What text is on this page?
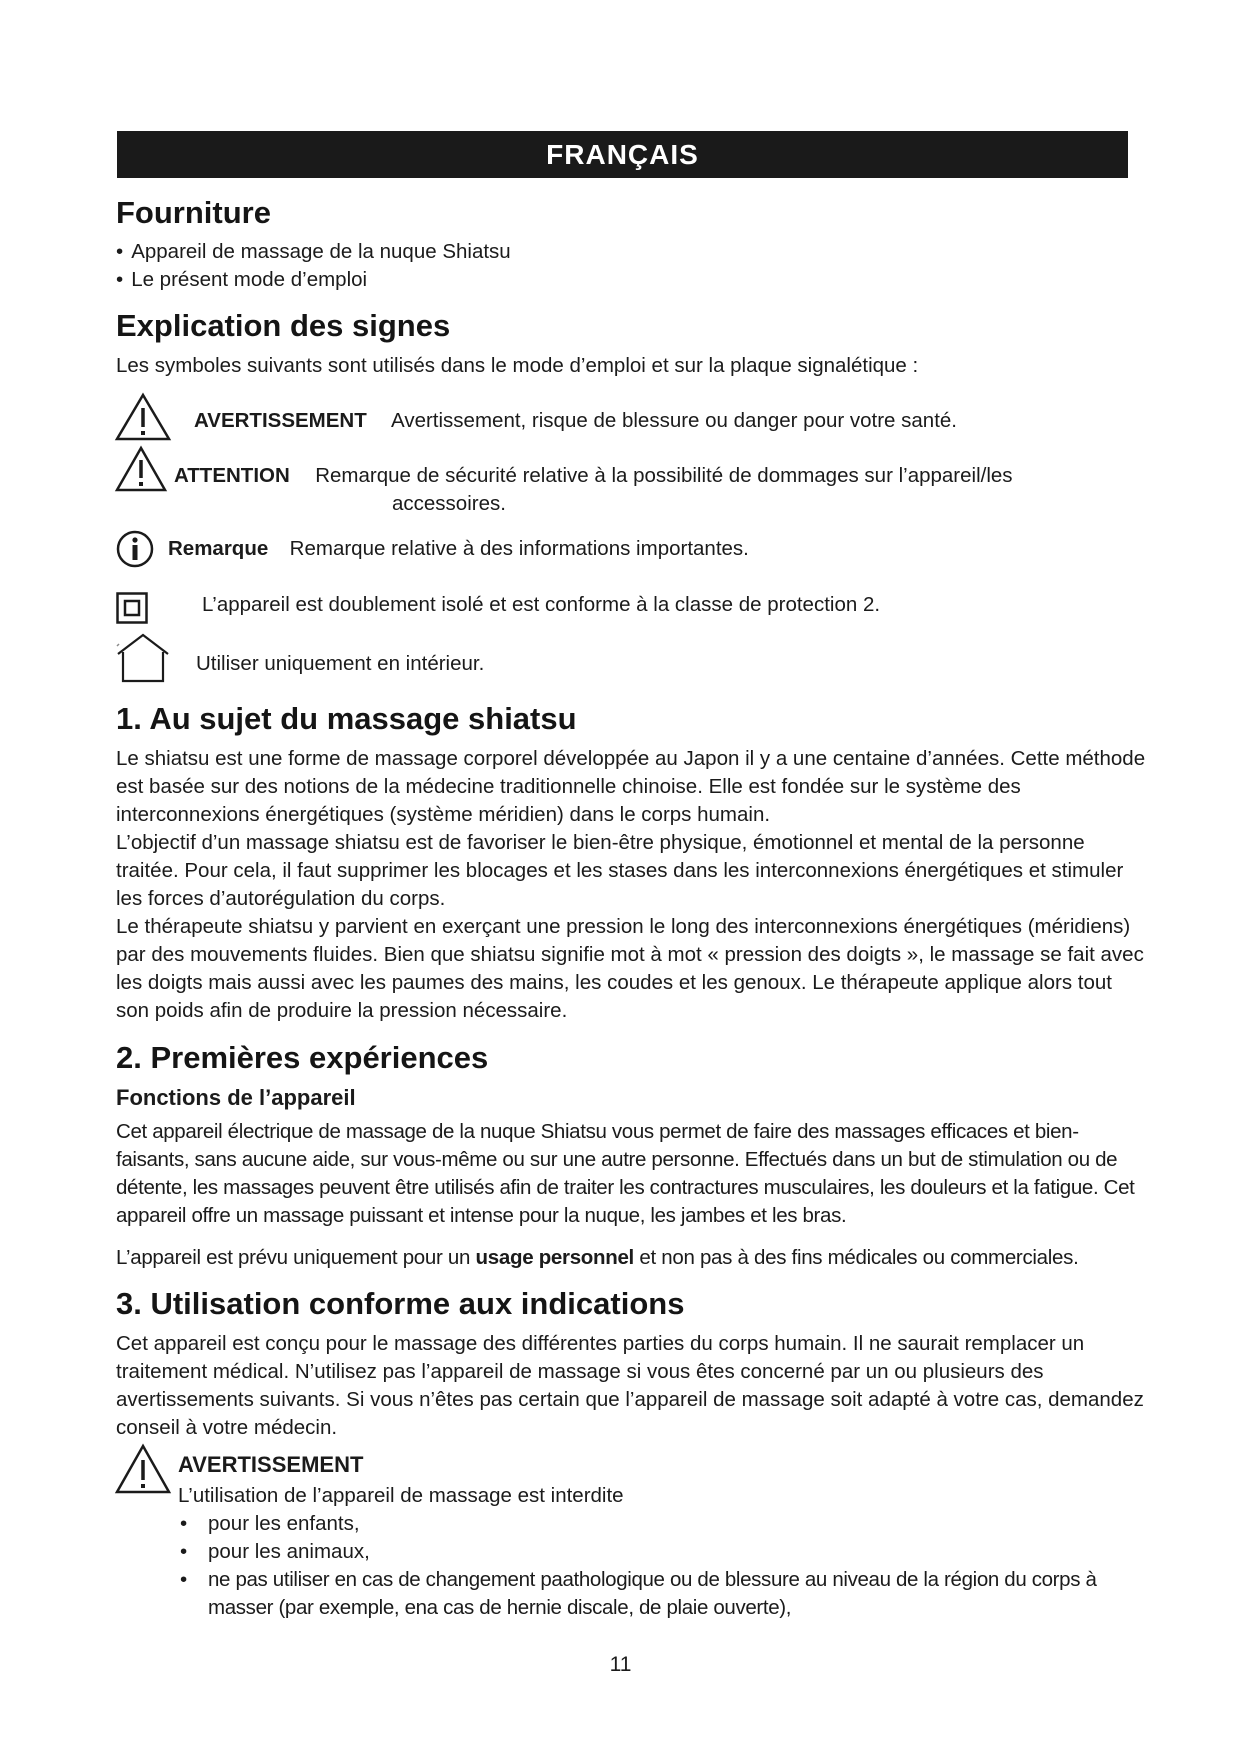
FRANÇAIS
Fourniture
• Appareil de massage de la nuque Shiatsu
• Le présent mode d’emploi
Explication des signes

Les symboles suivants sont utilisés dans le mode d’emploi et sur la plaque signalétique :

AVERTISSEMENT Avertissement, risque de blessure ou danger pour votre santé.
ATTENTION Remarque de sécurité relative à la possibilité de dommages sur l’appareil/les
accessoires.
Remarque Remarque relative à des informations importantes.
L’appareil est doublement isolé et est conforme à la classe de protection 2.
Utiliser uniquement en intérieur.
1. Au sujet du massage shiatsu

Le shiatsu est une forme de massage corporel développée au Japon il y a une centaine d’années. Cette méthode est basée sur des notions de la médecine traditionnelle chinoise. Elle est fondée sur le système des interconnexions énergétiques (système méridien) dans le corps humain.

L’objectif d’un massage shiatsu est de favoriser le bien-être physique, émotionnel et mental de la personne traitée. Pour cela, il faut supprimer les blocages et les stases dans les interconnexions énergétiques et stimuler les forces d’autorégulation du corps.

Le thérapeute shiatsu y parvient en exerçant une pression le long des interconnexions énergétiques (méridiens) par des mouvements fluides. Bien que shiatsu signifie mot à mot « pression des doigts », le massage se fait avec les doigts mais aussi avec les paumes des mains, les coudes et les genoux. Le thérapeute applique alors tout son poids afin de produire la pression nécessaire.

2. Premières expériences
Fonctions de l’appareil

Cet appareil électrique de massage de la nuque Shiatsu vous permet de faire des massages efficaces et bien-faisants, sans aucune aide, sur vous-même ou sur une autre personne. Effectués dans un but de stimulation ou de détente, les massages peuvent être utilisés afin de traiter les contractures musculaires, les douleurs et la fatigue. Cet appareil offre un massage puissant et intense pour la nuque, les jambes et les bras.

L’appareil est prévu uniquement pour un usage personnel et non pas à des fins médicales ou commerciales.

3. Utilisation conforme aux indications

Cet appareil est conçu pour le massage des différentes parties du corps humain. Il ne saurait remplacer un traitement médical. N’utilisez pas l’appareil de massage si vous êtes concerné par un ou plusieurs des avertissements suivants. Si vous n’êtes pas certain que l’appareil de massage soit adapté à votre cas, demandez conseil à votre médecin.

AVERTISSEMENT

L’utilisation de l’appareil de massage est interdite

• pour les enfants,
• pour les animaux,
• ne pas utiliser en cas de changement paathologique ou de blessure au niveau de la région du corps à masser (par exemple, ena cas de hernie discale, de plaie ouverte),
11
